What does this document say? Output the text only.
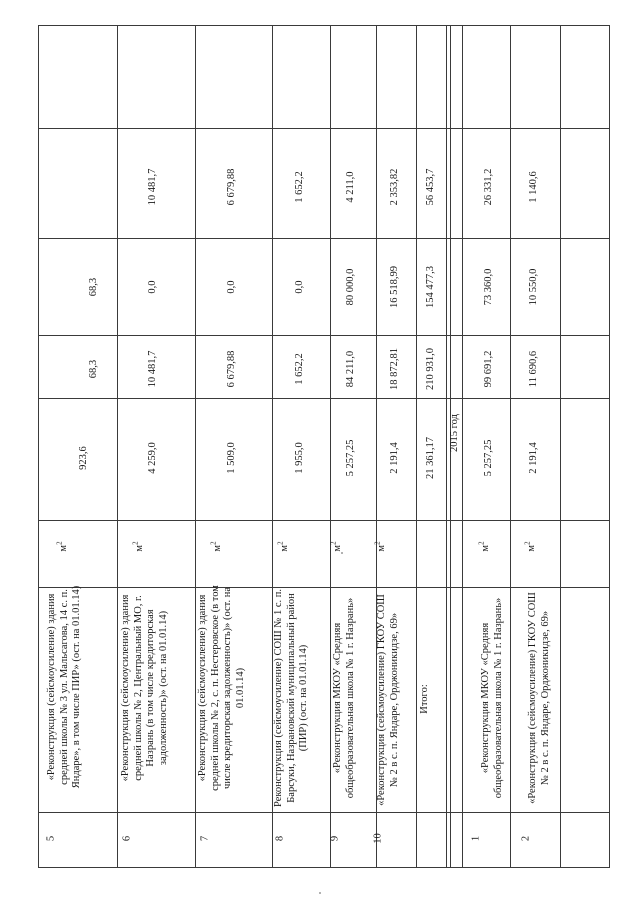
5
«Реконструкция (сейсмоусиление) здания средней школы № 3 ул. Мальсагова, 14 с. п. Яндаре», в том числе ПИР» (ост. на 01.01.14)
$м^2$
923,6
68,3
68,3
6
«Реконструкция (сейсмоусиление) здания средней школы № 2, Центральный МО, г. Назрань (в том числе кредиторская задолженность)» (ост. на 01.01.14)
$м^2$
4 259,0
10 481,7
0,0
10 481,7
7
«Реконструкция (сейсмоусиление) здания средней школы № 2, с. п. Нестеровское (в том числе кредиторская задолженность)» (ост. на 01.01.14)
$м^2$
1 509,0
6 679,88
0,0
6 679,88
8
Реконструкция (сейсмоусиление) СОШ № 1 с. п. Барсуки, Назрановский муниципальный район (ПИР) (ост. на 01.01.14)
$м^2$
1 955,0
1 652,2
0,0
1 652,2
9
«Реконструкция МКОУ «Средняя общеобразовательная школа № 1 г. Назрань»
$м^2$
5 257,25
84 211,0
80 000,0
4 211,0
10
«Реконструкция (сейсмоусиление) ГКОУ СОШ № 2 в с. п. Яндаре, Орджоникидзе, 69»
$м^2$
2 191,4
18 872,81
16 518,99
2 353,82
Итого:
21 361,17
210 931,0
154 477,3
56 453,7
2015 год
1
«Реконструкция МКОУ «Средняя общеобразовательная школа № 1 г. Назрань»
$м^2$
5 257,25
99 691,2
73 360,0
26 331,2
2
«Реконструкция (сейсмоусиление) ГКОУ СОШ № 2 в с. п. Яндаре, Орджоникидзе, 69»
$м^2$
2 191,4
11 690,6
10 550,0
1 140,6
